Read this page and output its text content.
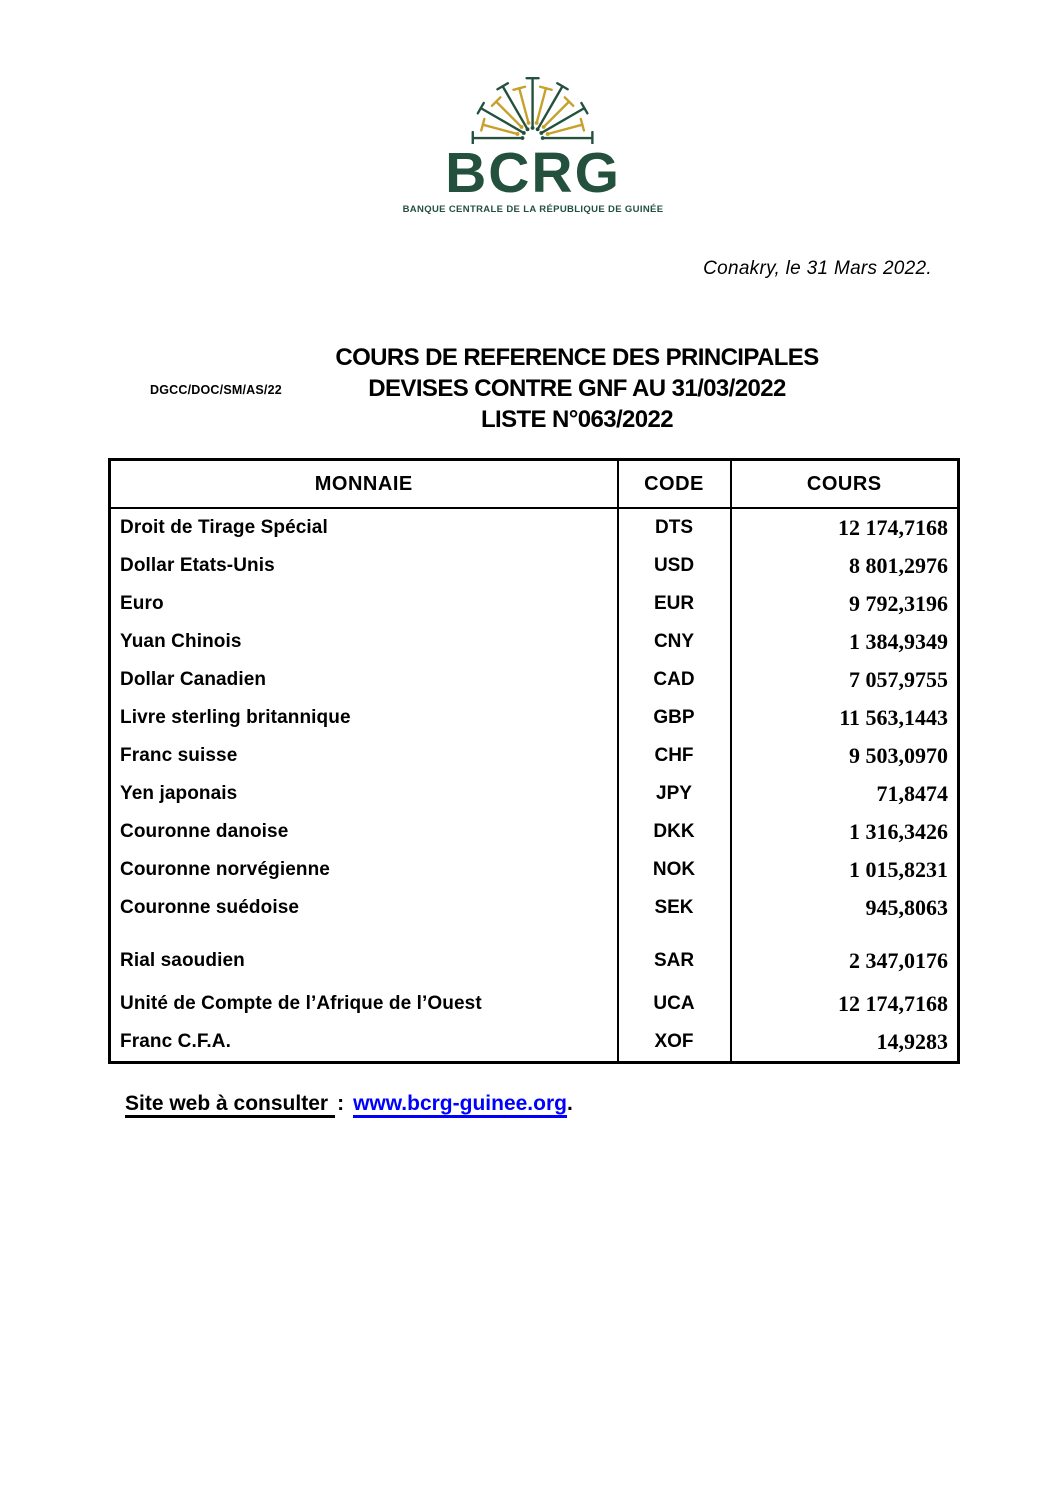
BCRG
BANQUE CENTRALE DE LA RÉPUBLIQUE DE GUINÉE
Conakry, le 31 Mars 2022.
DGCC/DOC/SM/AS/22
COURS DE REFERENCE DES PRINCIPALES
DEVISES CONTRE GNF AU 31/03/2022
LISTE N°063/2022
MONNAIE	CODE	COURS
Droit de Tirage Spécial	DTS	12 174,7168
Dollar Etats-Unis	USD	8 801,2976
Euro	EUR	9 792,3196
Yuan Chinois	CNY	1 384,9349
Dollar Canadien	CAD	7 057,9755
Livre sterling britannique	GBP	11 563,1443
Franc suisse	CHF	9 503,0970
Yen japonais	JPY	71,8474
Couronne danoise	DKK	1 316,3426
Couronne norvégienne	NOK	1 015,8231
Couronne suédoise	SEK	945,8063
Rial saoudien	SAR	2 347,0176
Unité de Compte de l’Afrique de l’Ouest	UCA	12 174,7168
Franc C.F.A.	XOF	14,9283
Site web à consulter : www.bcrg-guinee.org.
